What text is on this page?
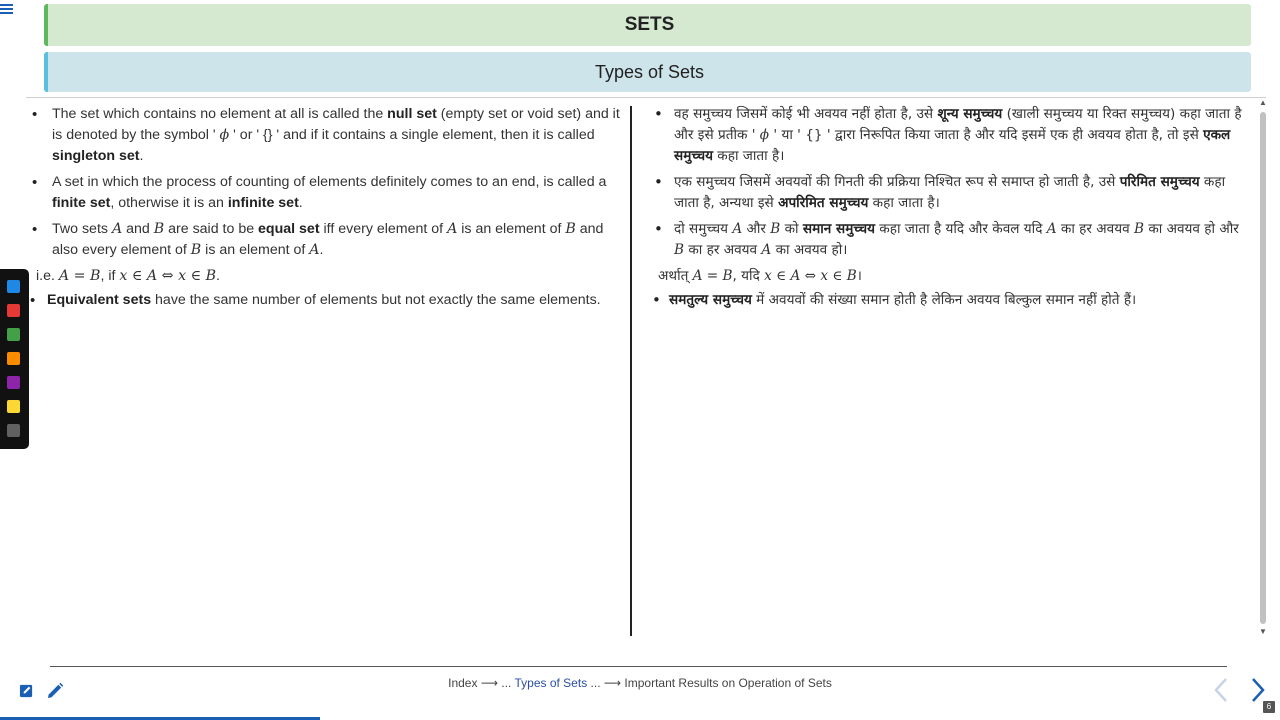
SETS
Types of Sets
• The set which contains no element at all is called the null set (empty set or void set) and it is denoted by the symbol ' ϕ ' or ' {} ' and if it contains a single element, then it is called singleton set.
• A set in which the process of counting of elements definitely comes to an end, is called a finite set, otherwise it is an infinite set.
• Two sets A and B are said to be equal set iff every element of A is an element of B and also every element of B is an element of A.
i.e. A = B, if x ∈ A ⇔ x ∈ B.
• Equivalent sets have the same number of elements but not exactly the same elements.
• वह समुच्चय जिसमें कोई भी अवयव नहीं होता है, उसे शून्य समुच्चय (खाली समुच्चय या रिक्त समुच्चय) कहा जाता है और इसे प्रतीक ' ϕ ' या ' {} ' द्वारा निरूपित किया जाता है और यदि इसमें एक ही अवयव होता है, तो इसे एकल समुच्चय कहा जाता है।
• एक समुच्चय जिसमें अवयवों की गिनती की प्रक्रिया निश्चित रूप से समाप्त हो जाती है, उसे परिमित समुच्चय कहा जाता है, अन्यथा इसे अपरिमित समुच्चय कहा जाता है।
• दो समुच्चय A और B को समान समुच्चय कहा जाता है यदि और केवल यदि A का हर अवयव B का अवयव हो और B का हर अवयव A का अवयव हो।
अर्थात् A = B, यदि x ∈ A ⇔ x ∈ B।
• समतुल्य समुच्चय में अवयवों की संख्या समान होती है लेकिन अवयव बिल्कुल समान नहीं होते हैं।
▲
▼
Index ⟶ ... Types of Sets ... ⟶ Important Results on Operation of Sets
6
